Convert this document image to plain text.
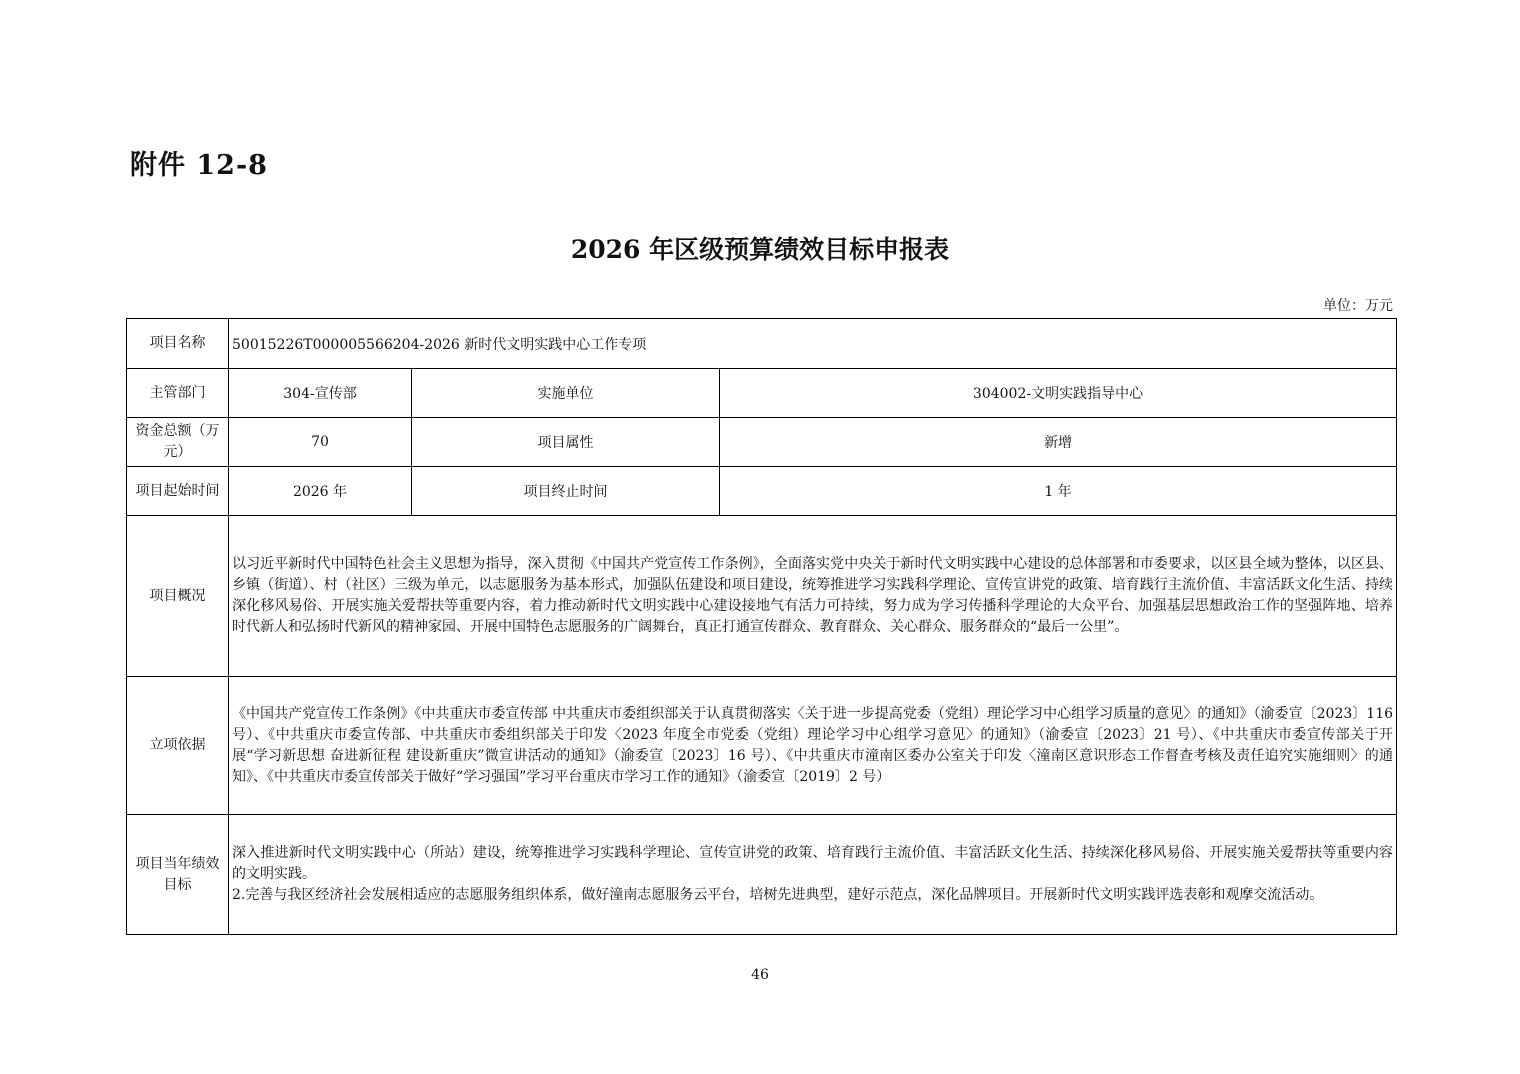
附件 12-8
2026 年区级预算绩效目标申报表
单位：万元
项目名称	50015226T000005566204-2026 新时代文明实践中心工作专项		
主管部门	304-宣传部	实施单位	304002-文明实践指导中心
资金总额（万元）	70	项目属性	新增
项目起始时间	2026 年	项目终止时间	1 年
项目概况	以习近平新时代中国特色社会主义思想为指导，深入贯彻《中国共产党宣传工作条例》，全面落实党中央关于新时代文明实践中心建设的总体部署和市委要求，以区县全域为整体，以区县、乡镇（街道）、村（社区）三级为单元，以志愿服务为基本形式，加强队伍建设和项目建设，统筹推进学习实践科学理论、宣传宣讲党的政策、培育践行主流价值、丰富活跃文化生活、持续深化移风易俗、开展实施关爱帮扶等重要内容，着力推动新时代文明实践中心建设接地气有活力可持续，努力成为学习传播科学理论的大众平台、加强基层思想政治工作的坚强阵地、培养时代新人和弘扬时代新风的精神家园、开展中国特色志愿服务的广阔舞台，真正打通宣传群众、教育群众、关心群众、服务群众的“最后一公里”。		
立项依据	《中国共产党宣传工作条例》《中共重庆市委宣传部 中共重庆市委组织部关于认真贯彻落实〈关于进一步提高党委（党组）理论学习中心组学习质量的意见〉的通知》（渝委宣〔2023〕116 号）、《中共重庆市委宣传部、中共重庆市委组织部关于印发〈2023 年度全市党委（党组）理论学习中心组学习意见〉的通知》（渝委宣〔2023〕21 号）、《中共重庆市委宣传部关于开展“学习新思想 奋进新征程 建设新重庆”微宣讲活动的通知》（渝委宣〔2023〕16 号）、《中共重庆市潼南区委办公室关于印发〈潼南区意识形态工作督查考核及责任追究实施细则〉的通知》、《中共重庆市委宣传部关于做好“学习强国”学习平台重庆市学习工作的通知》（渝委宣〔2019〕2 号）		
项目当年绩效目标	深入推进新时代文明实践中心（所站）建设，统筹推进学习实践科学理论、宣传宣讲党的政策、培育践行主流价值、丰富活跃文化生活、持续深化移风易俗、开展实施关爱帮扶等重要内容的文明实践。
2.完善与我区经济社会发展相适应的志愿服务组织体系，做好潼南志愿服务云平台，培树先进典型，建好示范点，深化品牌项目。开展新时代文明实践评选表彰和观摩交流活动。		
46
